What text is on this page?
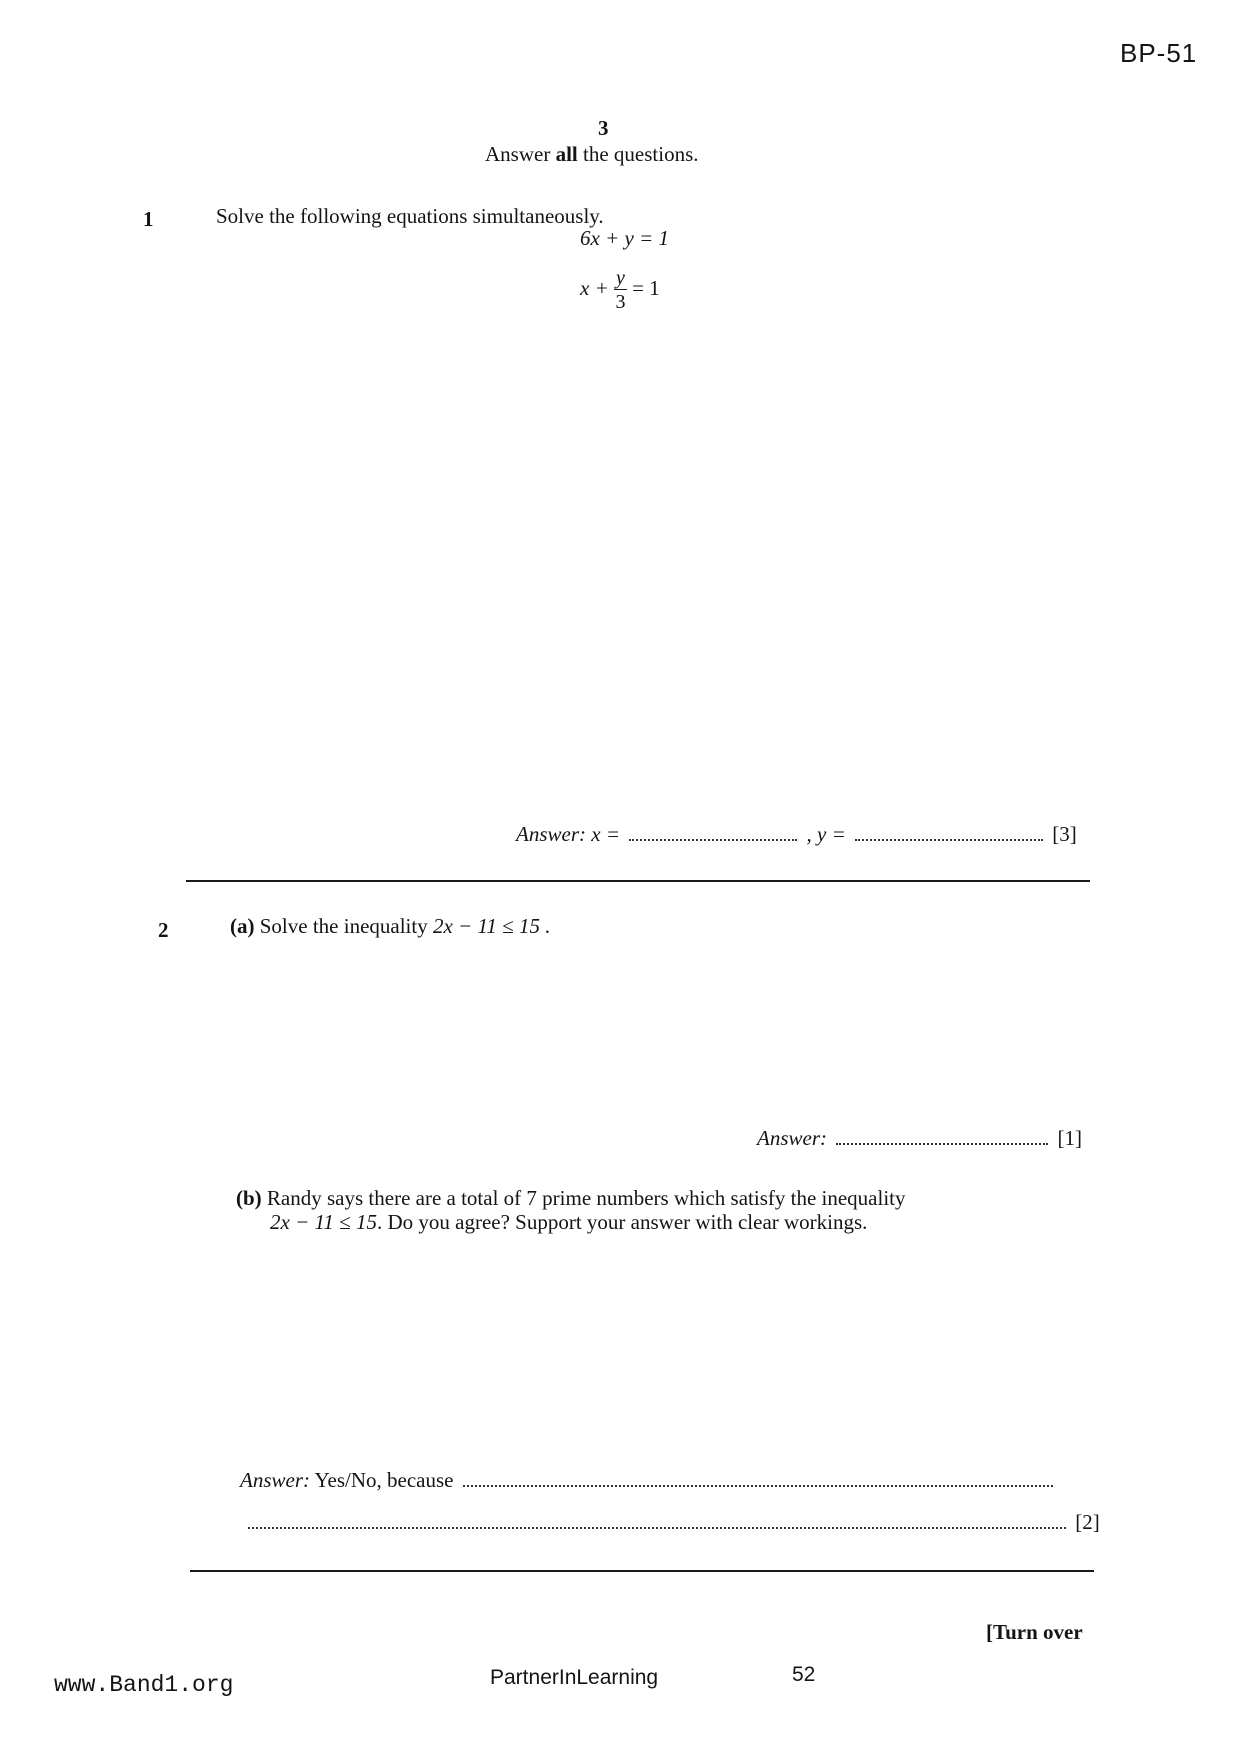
BP-51
3
Answer all the questions.
1	Solve the following equations simultaneously.
6x + y = 1
$x + \frac{y}{3} = 1$
Answer: x =	, y =	[3]
2	(a) Solve the inequality 2x − 11 ≤ 15 .
Answer:	[1]
(b) Randy says there are a total of 7 prime numbers which satisfy the inequality
2x − 11 ≤ 15. Do you agree? Support your answer with clear workings.
Answer: Yes/No, because
[2]
[Turn over
www.Band1.org	PartnerInLearning	52
